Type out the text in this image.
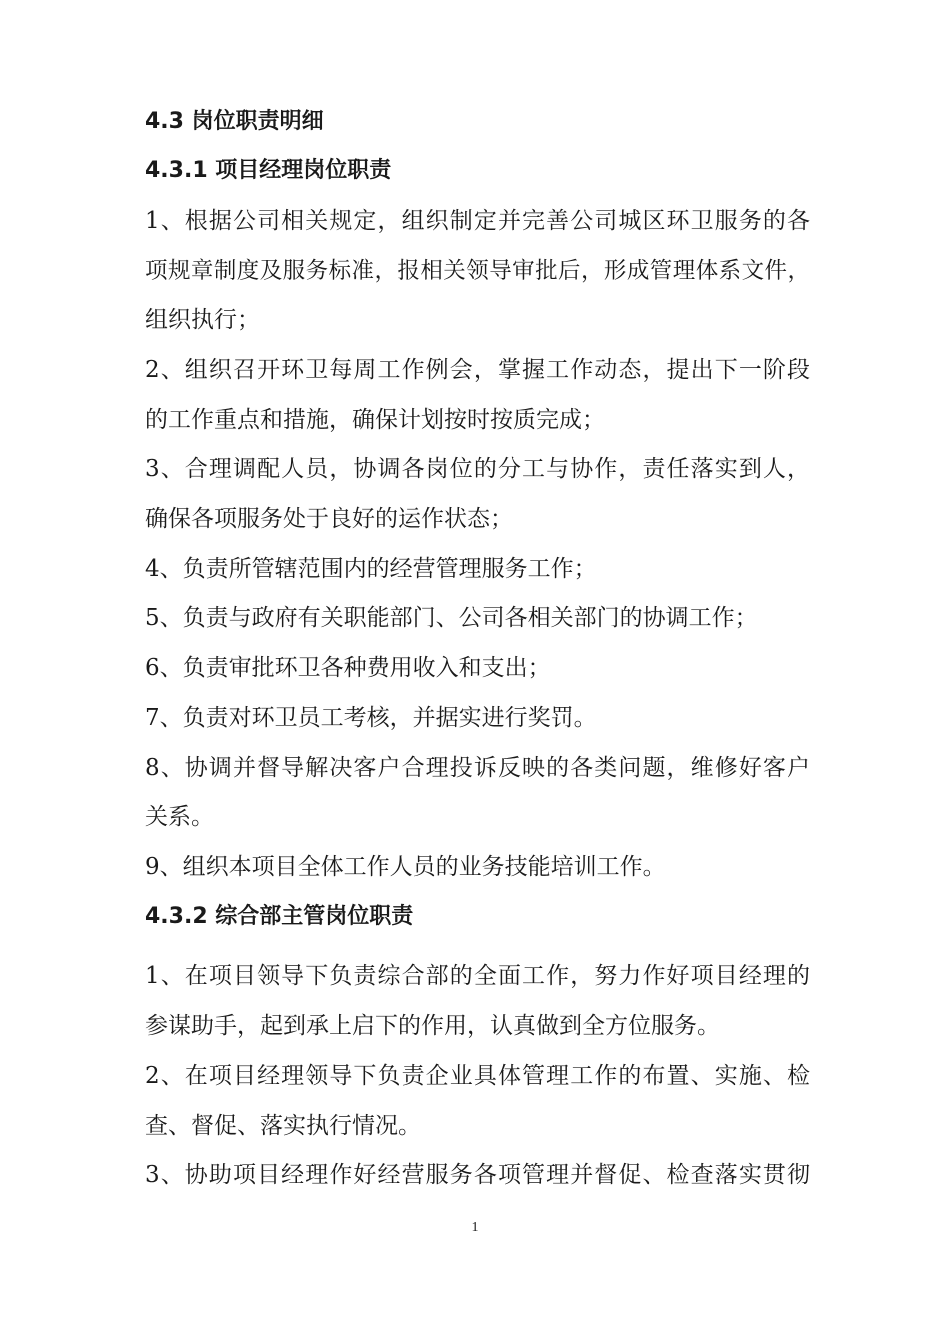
4.3 岗位职责明细
4.3.1 项目经理岗位职责
1、根据公司相关规定，组织制定并完善公司城区环卫服务的各
项规章制度及服务标准，报相关领导审批后，形成管理体系文件，
组织执行；
2、组织召开环卫每周工作例会，掌握工作动态，提出下一阶段
的工作重点和措施，确保计划按时按质完成；
3、合理调配人员，协调各岗位的分工与协作，责任落实到人，
确保各项服务处于良好的运作状态；
4、负责所管辖范围内的经营管理服务工作；
5、负责与政府有关职能部门、公司各相关部门的协调工作；
6、负责审批环卫各种费用收入和支出；
7、负责对环卫员工考核，并据实进行奖罚。
8、协调并督导解决客户合理投诉反映的各类问题，维修好客户
关系。
9、组织本项目全体工作人员的业务技能培训工作。
4.3.2 综合部主管岗位职责
1、在项目领导下负责综合部的全面工作，努力作好项目经理的
参谋助手，起到承上启下的作用，认真做到全方位服务。
2、在项目经理领导下负责企业具体管理工作的布置、实施、检
查、督促、落实执行情况。
3、协助项目经理作好经营服务各项管理并督促、检查落实贯彻
1
